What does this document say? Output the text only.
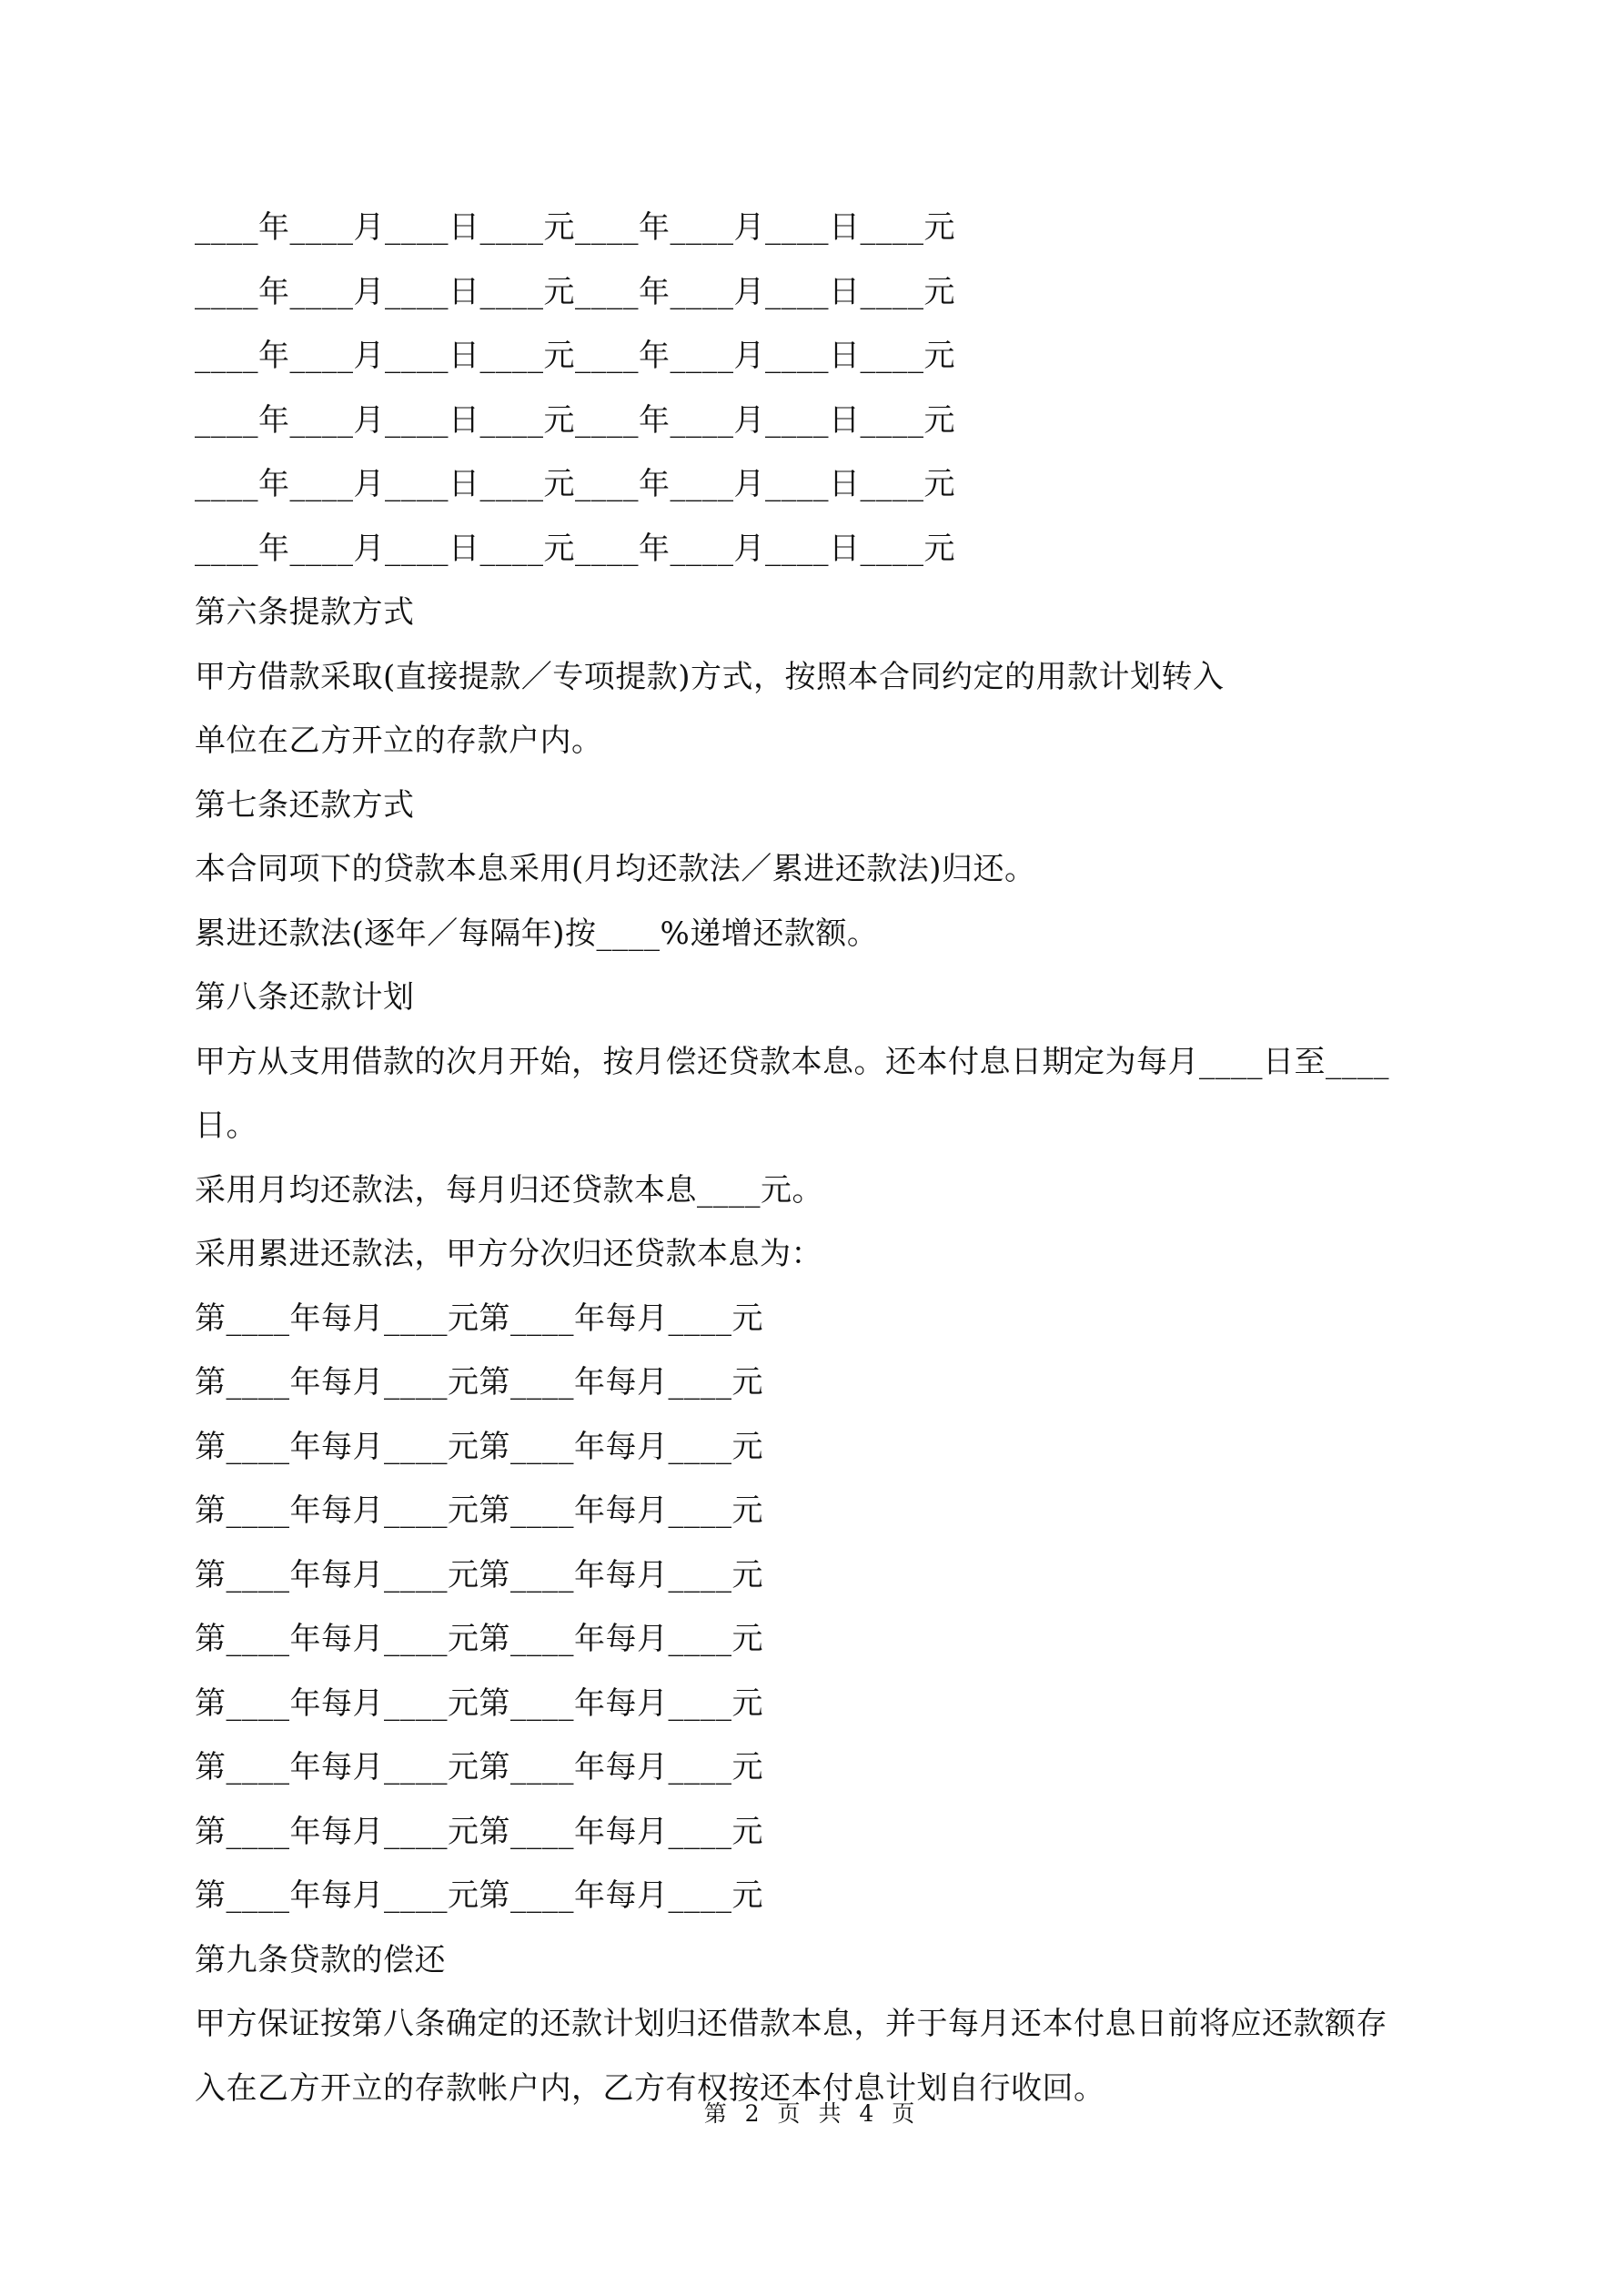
____年____月____日____元____年____月____日____元
____年____月____日____元____年____月____日____元
____年____月____日____元____年____月____日____元
____年____月____日____元____年____月____日____元
____年____月____日____元____年____月____日____元
____年____月____日____元____年____月____日____元
第六条提款方式
甲方借款采取(直接提款／专项提款)方式，按照本合同约定的用款计划转入
单位在乙方开立的存款户内。
第七条还款方式
本合同项下的贷款本息采用(月均还款法／累进还款法)归还。
累进还款法(逐年／每隔年)按____%递增还款额。
第八条还款计划
甲方从支用借款的次月开始，按月偿还贷款本息。还本付息日期定为每月____日至____
日。
采用月均还款法，每月归还贷款本息____元。
采用累进还款法，甲方分次归还贷款本息为：
第____年每月____元第____年每月____元
第____年每月____元第____年每月____元
第____年每月____元第____年每月____元
第____年每月____元第____年每月____元
第____年每月____元第____年每月____元
第____年每月____元第____年每月____元
第____年每月____元第____年每月____元
第____年每月____元第____年每月____元
第____年每月____元第____年每月____元
第____年每月____元第____年每月____元
第九条贷款的偿还
甲方保证按第八条确定的还款计划归还借款本息，并于每月还本付息日前将应还款额存
入在乙方开立的存款帐户内，乙方有权按还本付息计划自行收回。
第 2 页 共 4 页
